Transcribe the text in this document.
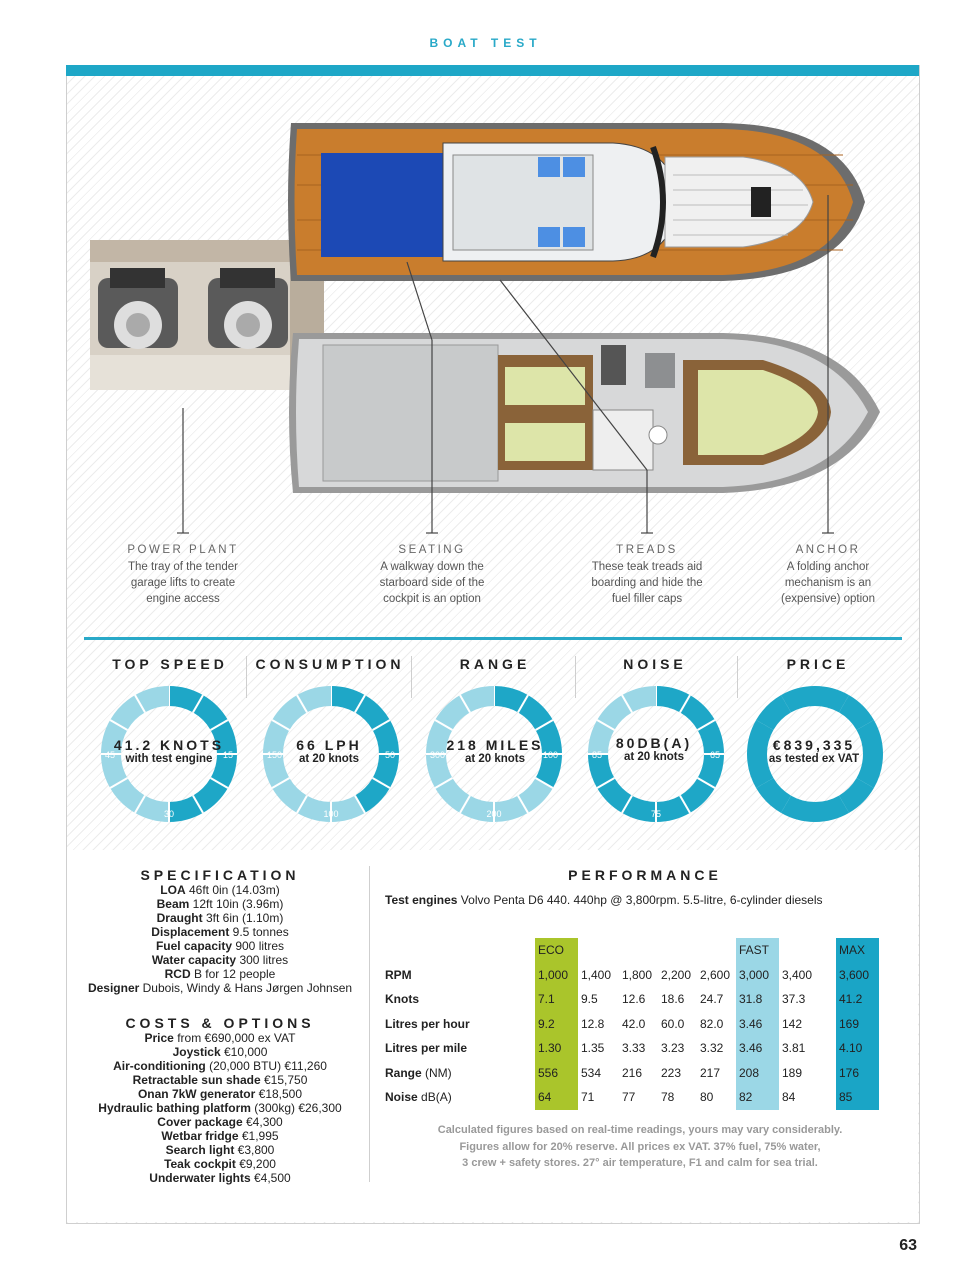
BOAT TEST
POWER PLANT
The tray of the tender
garage lifts to create
engine access
SEATING
A walkway down the
starboard side of the
cockpit is an option
TREADS
These teak treads aid
boarding and hide the
fuel filler caps
ANCHOR
A folding anchor
mechanism is an
(expensive) option
TOP SPEED	CONSUMPTION	RANGE	NOISE	PRICE
45	15
30
150	50
100
300	100
200
85	65
75
41.2 KNOTS
with test engine
66 LPH
at 20 knots
218 MILES
at 20 knots
80DB(A)
at 20 knots
€839,335
as tested ex VAT
SPECIFICATION
LOA 46ft 0in (14.03m)
Beam 12ft 10in (3.96m)
Draught 3ft 6in (1.10m)
Displacement 9.5 tonnes
Fuel capacity 900 litres
Water capacity 300 litres
RCD B for 12 people
Designer Dubois, Windy & Hans Jørgen Johnsen
COSTS & OPTIONS
Price from €690,000 ex VAT
Joystick €10,000
Air-conditioning (20,000 BTU) €11,260
Retractable sun shade €15,750
Onan 7kW generator €18,500
Hydraulic bathing platform (300kg) €26,300
Cover package €4,300
Wetbar fridge €1,995
Search light €3,800
Teak cockpit €9,200
Underwater lights €4,500
PERFORMANCE
Test engines Volvo Penta D6 440. 440hp @ 3,800rpm. 5.5-litre, 6-cylinder diesels
	ECO					FAST		MAX
RPM	1,000	1,400	1,800	2,200	2,600	3,000	3,400	3,600
Knots	7.1	9.5	12.6	18.6	24.7	31.8	37.3	41.2
Litres per hour	9.2	12.8	42.0	60.0	82.0	3.46	142	169
Litres per mile	1.30	1.35	3.33	3.23	3.32	3.46	3.81	4.10
Range (NM)	556	534	216	223	217	208	189	176
Noise dB(A)	64	71	77	78	80	82	84	85
Calculated figures based on real-time readings, yours may vary considerably.
Figures allow for 20% reserve. All prices ex VAT. 37% fuel, 75% water,
3 crew + safety stores. 27° air temperature, F1 and calm for sea trial.
63
